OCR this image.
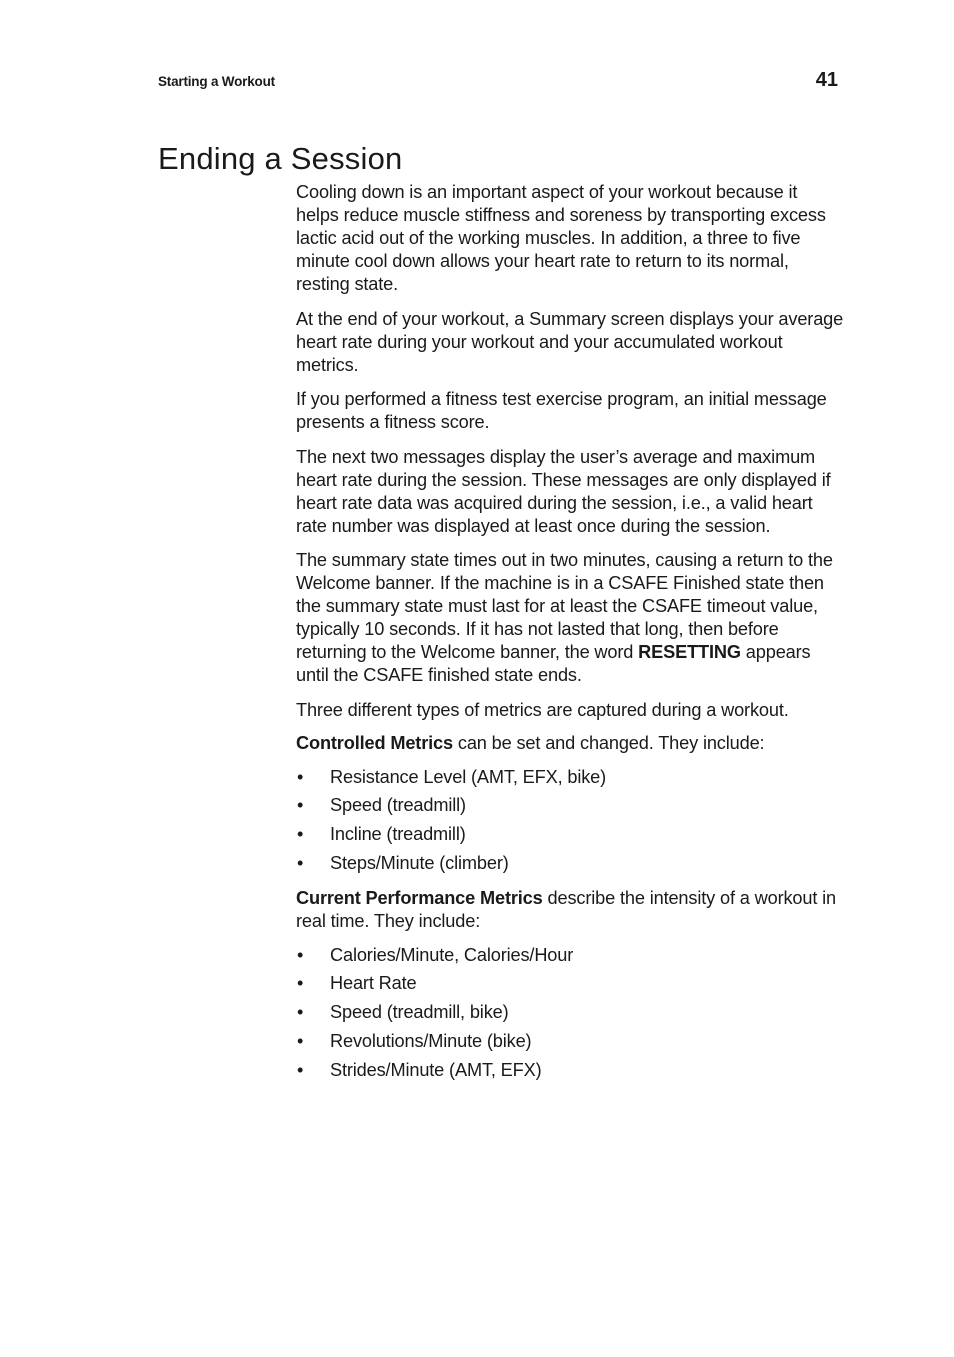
Starting a Workout	41
Ending a Session

Cooling down is an important aspect of your workout because it helps reduce muscle stiffness and soreness by transporting excess lactic acid out of the working muscles. In addition, a three to five minute cool down allows your heart rate to return to its normal, resting state.

At the end of your workout, a Summary screen displays your average heart rate during your workout and your accumulated workout metrics.

If you performed a fitness test exercise program, an initial message presents a fitness score.

The next two messages display the user’s average and maximum heart rate during the session. These messages are only displayed if heart rate data was acquired during the session, i.e., a valid heart rate number was displayed at least once during the session.

The summary state times out in two minutes, causing a return to the Welcome banner. If the machine is in a CSAFE Finished state then the summary state must last for at least the CSAFE timeout value, typically 10 seconds. If it has not lasted that long, then before returning to the Welcome banner, the word RESETTING appears until the CSAFE finished state ends.

Three different types of metrics are captured during a workout.

Controlled Metrics can be set and changed. They include:

• Resistance Level (AMT, EFX, bike)
• Speed (treadmill)
• Incline (treadmill)
• Steps/Minute (climber)

Current Performance Metrics describe the intensity of a workout in real time. They include:

• Calories/Minute, Calories/Hour
• Heart Rate
• Speed (treadmill, bike)
• Revolutions/Minute (bike)
• Strides/Minute (AMT, EFX)
